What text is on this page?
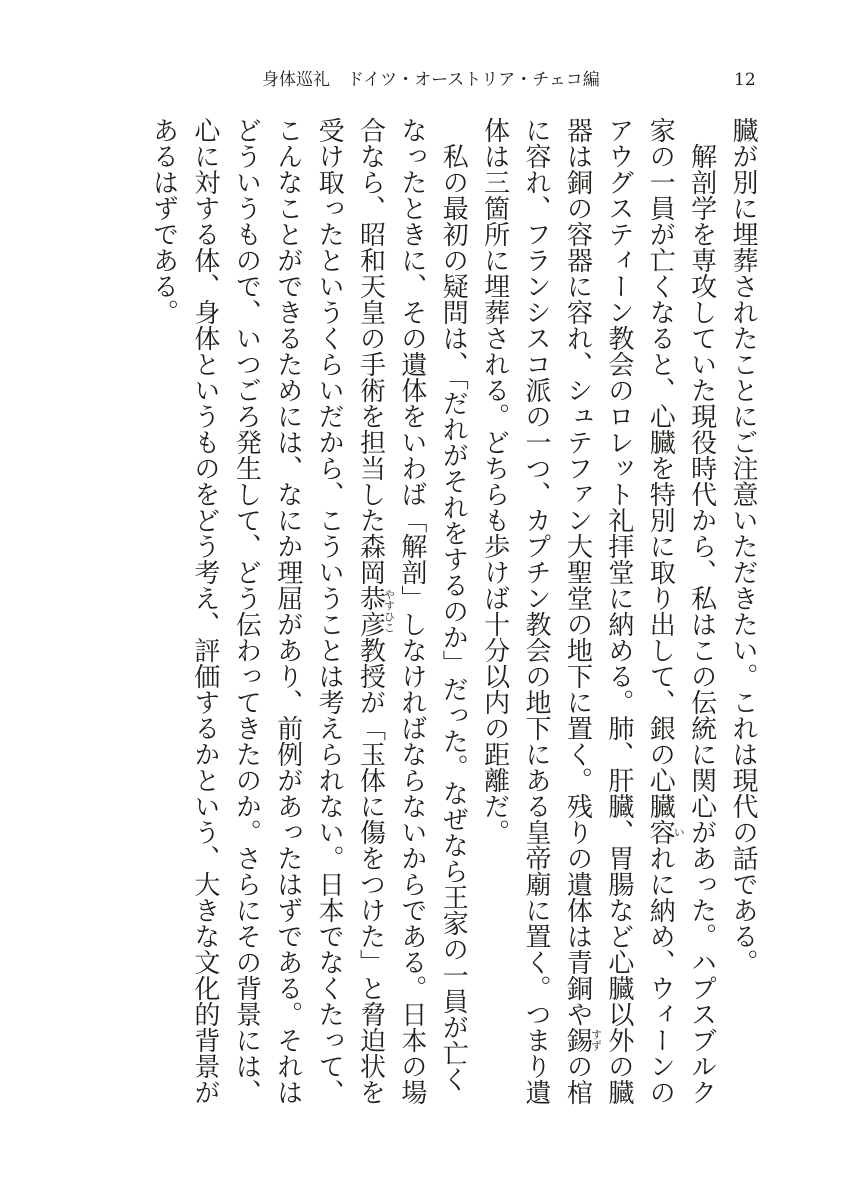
身体巡礼　ドイツ・オーストリア・チェコ編	12
臓が別に埋葬されたことにご注意いただきたい。これは現代の話である。
解剖学を専攻していた現役時代から、私はこの伝統に関心があった。ハプスブルク
家の一員が亡くなると、心臓を特別に取り出して、銀の心臓容
い
れに納め、ウィーンの
アウグスティーン教会のロレット礼拝堂に納める。肺、肝臓、胃腸など心臓以外の臓
器は銅の容器に容れ、シュテファン大聖堂の地下に置く。残りの遺体は青銅や錫
すず
の棺
に容れ、フランシスコ派の一つ、カプチン教会の地下にある皇帝廟に置く。つまり遺
体は三箇所に埋葬される。どちらも歩けば十分以内の距離だ。
私の最初の疑問は、「だれがそれをするのか」だった。なぜなら王家の一員が亡く
なったときに、その遺体をいわば「解剖」しなければならないからである。日本の場
合なら、昭和天皇の手術を担当した森岡恭彦
やすひこ
教授が「玉体に傷をつけた」と脅迫状を
受け取ったというくらいだから、こういうことは考えられない。日本でなくたって、
こんなことができるためには、なにか理屈があり、前例があったはずである。それは
どういうもので、いつごろ発生して、どう伝わってきたのか。さらにその背景には、
心に対する体、身体というものをどう考え、評価するかという、大きな文化的背景が
あるはずである。
